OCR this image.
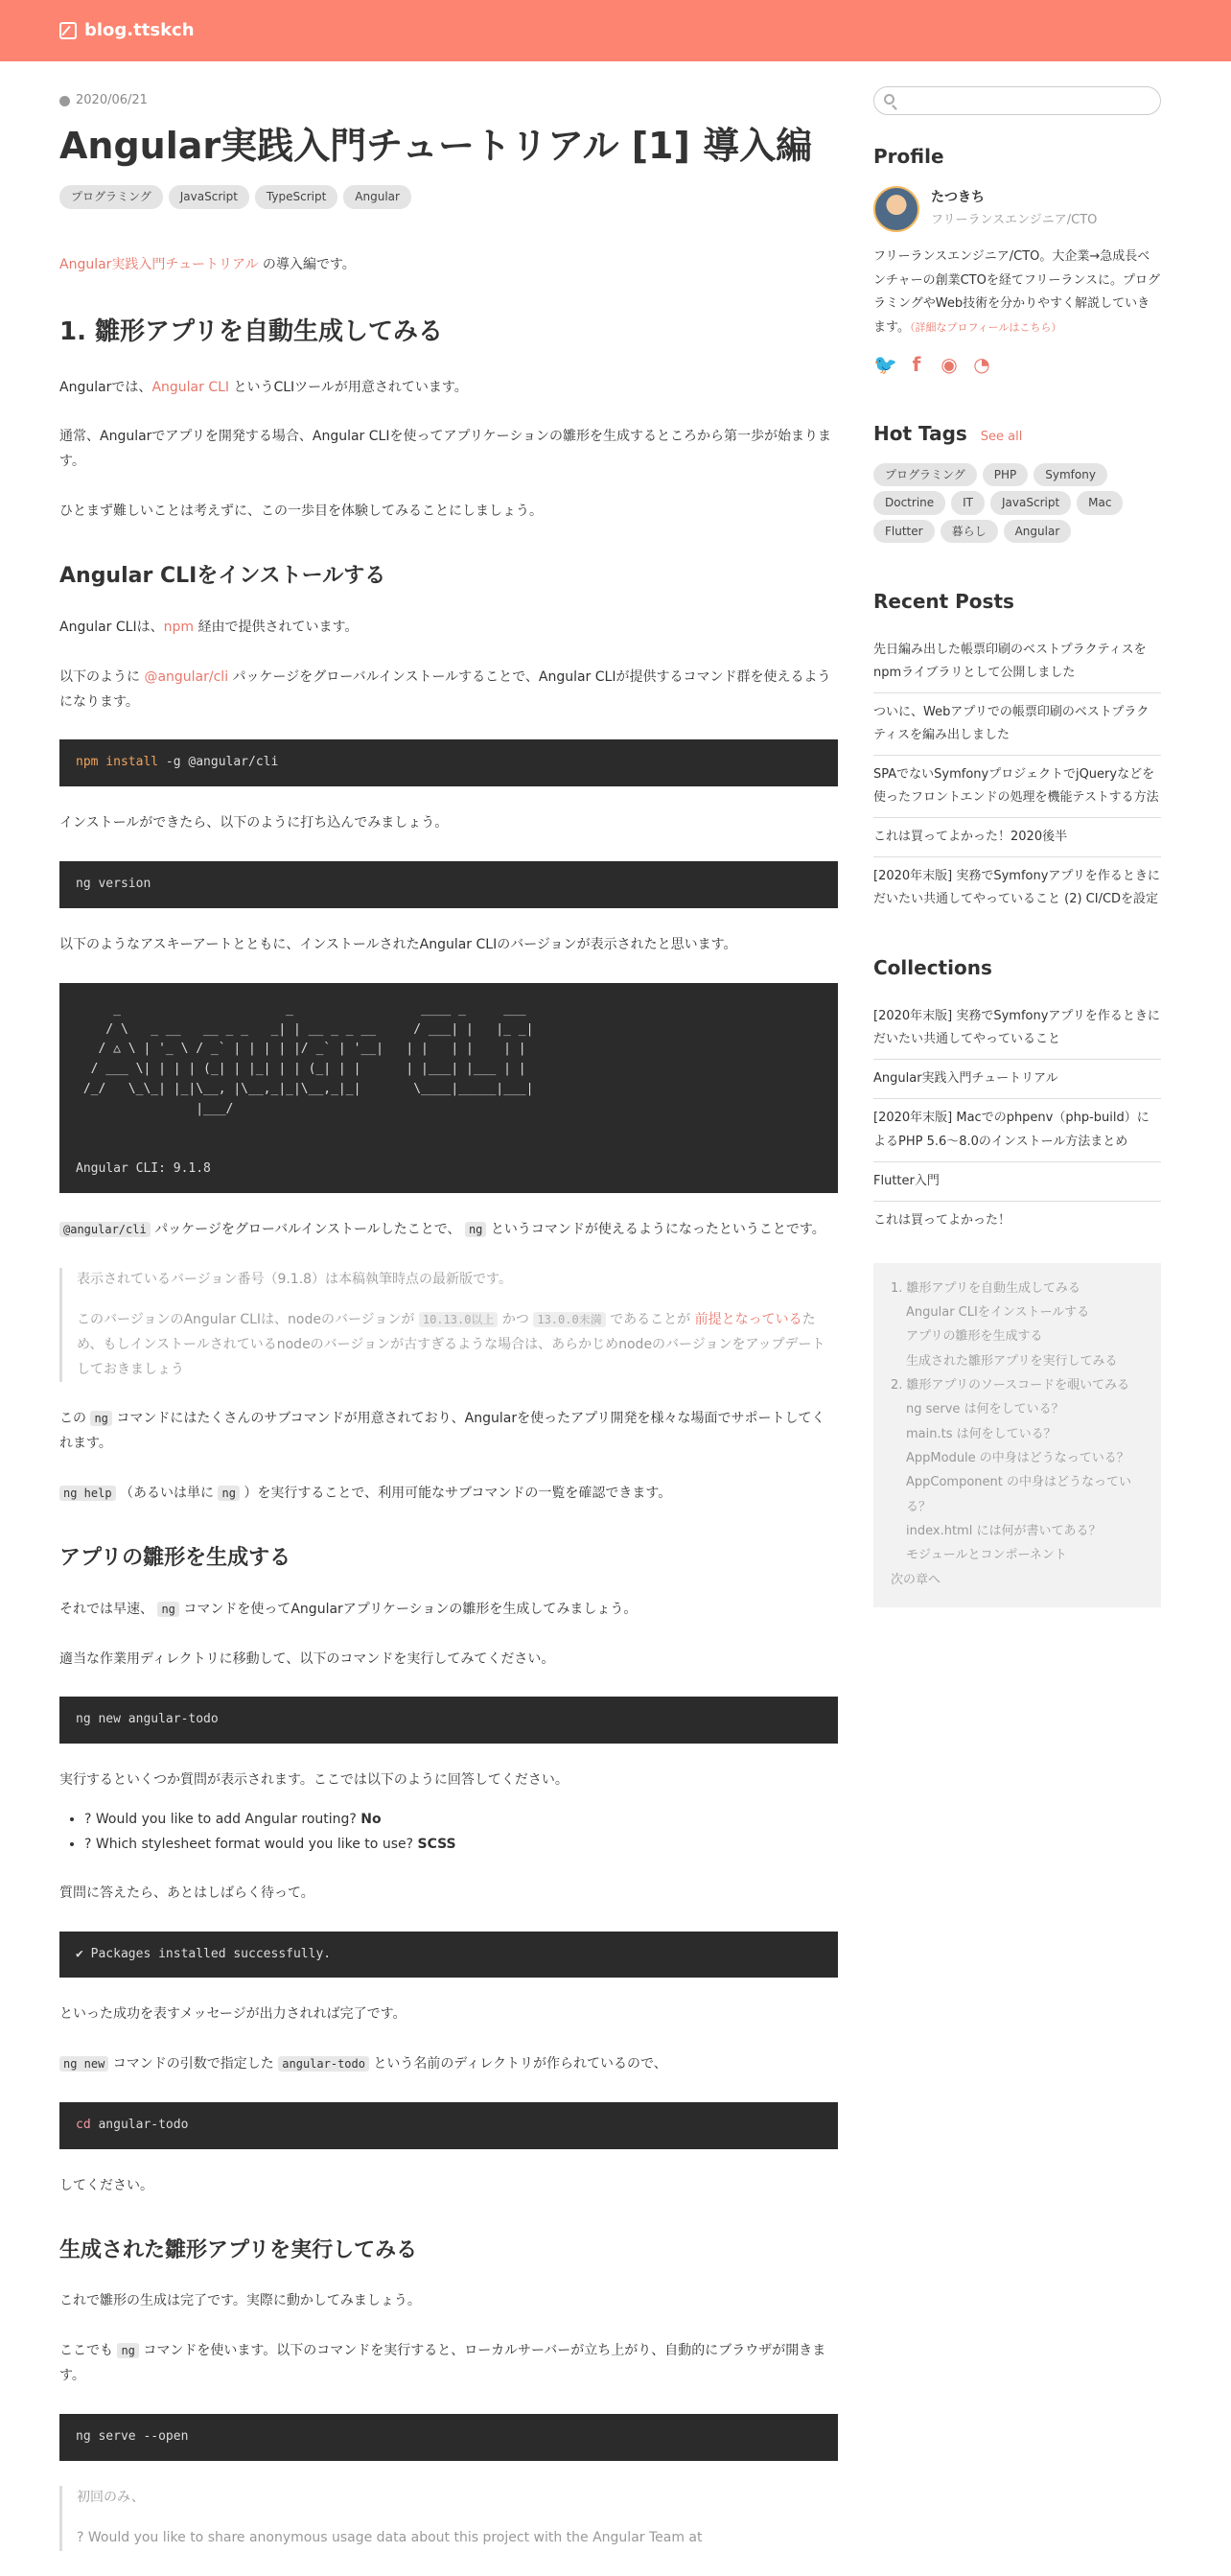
blog.ttskch
2020/06/21
Angular実践入門チュートリアル [1] 導入編
プログラミング	JavaScript	TypeScript	Angular

Angular実践入門チュートリアル の導入編です。

1. 雛形アプリを自動生成してみる

Angularでは、Angular CLI というCLIツールが用意されています。

通常、Angularでアプリを開発する場合、Angular CLIを使ってアプリケーションの雛形を生成するところから第一歩が始まります。

ひとまず難しいことは考えずに、この一歩目を体験してみることにしましょう。

Angular CLIをインストールする

Angular CLIは、npm 経由で提供されています。

以下のように @angular/cli パッケージをグローバルインストールすることで、Angular CLIが提供するコマンド群を使えるようになります。

npm install -g @angular/cli

インストールができたら、以下のように打ち込んでみましょう。

ng version

以下のようなアスキーアートとともに、インストールされたAngular CLIのバージョンが表示されたと思います。

_                      _                 ____ _     ___
/ \   _ __   __ _ _   _| | __ _ _ __     / ___| |   |_ _|
/ △ \ | '_ \ / _` | | | | |/ _` | '__|   | |   | |    | |
/ ___ \| | | | (_| | |_| | | (_| | |      | |___| |___ | |
/_/   \_\_| |_|\__, |\__,_|_|\__,_|_|       \____|_____|___|
|___/

Angular CLI: 9.1.8

@angular/cli パッケージをグローバルインストールしたことで、 ng というコマンドが使えるようになったということです。

表示されているバージョン番号（9.1.8）は本稿執筆時点の最新版です。

このバージョンのAngular CLIは、nodeのバージョンが 10.13.0以上 かつ 13.0.0未満 であることが 前提となっているため、もしインストールされているnodeのバージョンが古すぎるような場合は、あらかじめnodeのバージョンをアップデートしておきましょう

この ng コマンドにはたくさんのサブコマンドが用意されており、Angularを使ったアプリ開発を様々な場面でサポートしてくれます。

ng help （あるいは単に ng ）を実行することで、利用可能なサブコマンドの一覧を確認できます。

アプリの雛形を生成する

それでは早速、 ng コマンドを使ってAngularアプリケーションの雛形を生成してみましょう。

適当な作業用ディレクトリに移動して、以下のコマンドを実行してみてください。

ng new angular-todo

実行するといくつか質問が表示されます。ここでは以下のように回答してください。

• ? Would you like to add Angular routing? No
• ? Which stylesheet format would you like to use? SCSS

質問に答えたら、あとはしばらく待って。

✔ Packages installed successfully.

といった成功を表すメッセージが出力されれば完了です。

ng new コマンドの引数で指定した angular-todo という名前のディレクトリが作られているので、

cd angular-todo

してください。

生成された雛形アプリを実行してみる

これで雛形の生成は完了です。実際に動かしてみましょう。

ここでも ng コマンドを使います。以下のコマンドを実行すると、ローカルサーバーが立ち上がり、自動的にブラウザが開きます。

ng serve --open

初回のみ、

? Would you like to share anonymous usage data about this project with the Angular Team at

Profile
たつきち
フリーランスエンジニア/CTO

フリーランスエンジニア/CTO。大企業→急成長ベンチャーの創業CTOを経てフリーランスに。プログラミングやWeb技術を分かりやすく解説していきます。（詳細なプロフィールはこちら）

🐦 f	◉ ◔
Hot Tags See all
プログラミング	PHP	Symfony
Doctrine	IT	JavaScript	Mac
Flutter	暮らし	Angular
Recent Posts
先日編み出した帳票印刷のベストプラクティスをnpmライブラリとして公開しました
ついに、Webアプリでの帳票印刷のベストプラクティスを編み出しました
SPAでないSymfonyプロジェクトでjQueryなどを使ったフロントエンドの処理を機能テストする方法
これは買ってよかった！2020後半
[2020年末版] 実務でSymfonyアプリを作るときにだいたい共通してやっていること (2) CI/CDを設定
Collections
[2020年末版] 実務でSymfonyアプリを作るときにだいたい共通してやっていること
Angular実践入門チュートリアル
[2020年末版] Macでのphpenv（php-build）によるPHP 5.6〜8.0のインストール方法まとめ
Flutter入門
これは買ってよかった！
1. 雛形アプリを自動生成してみる
Angular CLIをインストールする
アプリの雛形を生成する
生成された雛形アプリを実行してみる
2. 雛形アプリのソースコードを覗いてみる
ng serve は何をしている？
main.ts は何をしている？
AppModule の中身はどうなっている？
AppComponent の中身はどうなっている？
index.html には何が書いてある？
モジュールとコンポーネント
次の章へ
